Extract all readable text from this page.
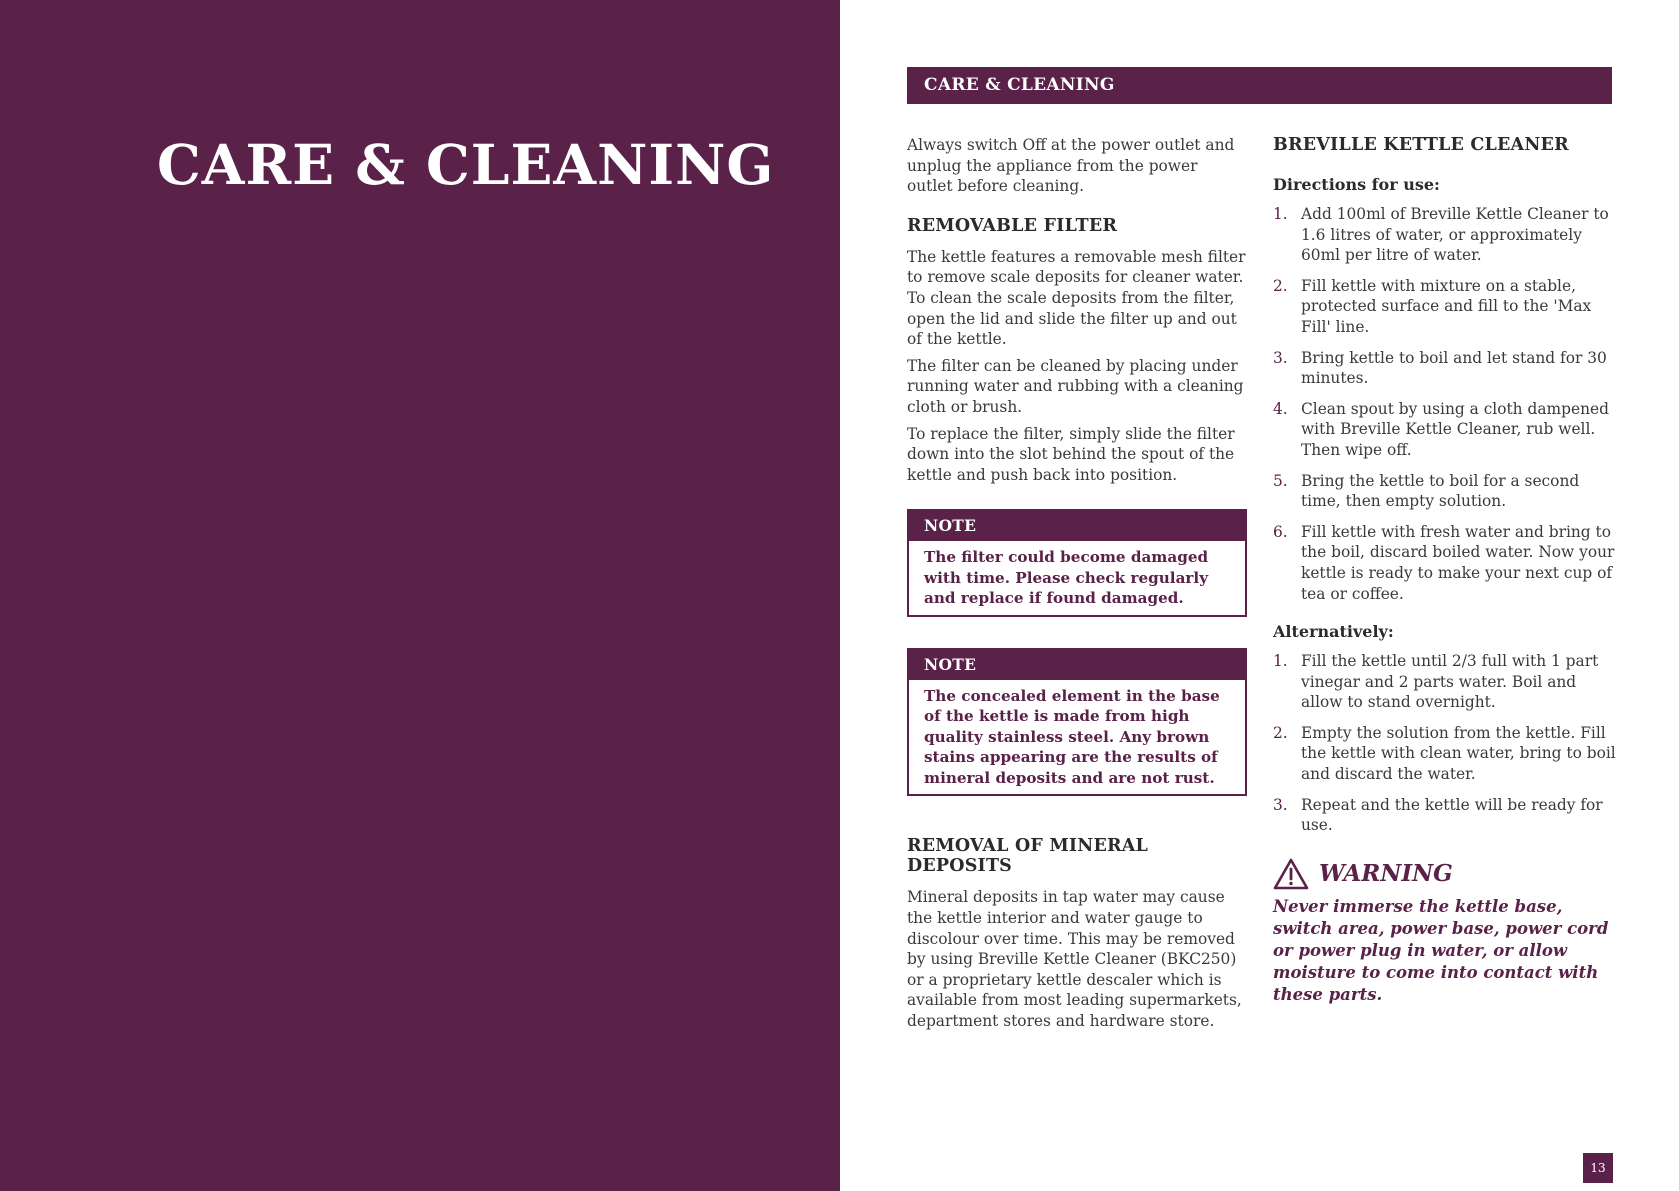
CARE & CLEANING
CARE & CLEANING

Always switch Off at the power outlet and unplug the appliance from the power outlet before cleaning.

REMOVABLE FILTER

The kettle features a removable mesh filter to remove scale deposits for cleaner water. To clean the scale deposits from the filter, open the lid and slide the filter up and out of the kettle.

The filter can be cleaned by placing under running water and rubbing with a cleaning cloth or brush.

To replace the filter, simply slide the filter down into the slot behind the spout of the kettle and push back into position.

NOTE
The filter could become damaged with time. Please check regularly and replace if found damaged.
NOTE
The concealed element in the base of the kettle is made from high quality stainless steel. Any brown stains appearing are the results of mineral deposits and are not rust.
REMOVAL OF MINERAL DEPOSITS

Mineral deposits in tap water may cause the kettle interior and water gauge to discolour over time. This may be removed by using Breville Kettle Cleaner (BKC250) or a proprietary kettle descaler which is available from most leading supermarkets, department stores and hardware store.

BREVILLE KETTLE CLEANER
Directions for use:
1. Add 100ml of Breville Kettle Cleaner to 1.6 litres of water, or approximately 60ml per litre of water.
2. Fill kettle with mixture on a stable, protected surface and fill to the 'Max Fill' line.
3. Bring kettle to boil and let stand for 30 minutes.
4. Clean spout by using a cloth dampened with Breville Kettle Cleaner, rub well. Then wipe off.
5. Bring the kettle to boil for a second time, then empty solution.
6. Fill kettle with fresh water and bring to the boil, discard boiled water. Now your kettle is ready to make your next cup of tea or coffee.
Alternatively:
1. Fill the kettle until 2/3 full with 1 part vinegar and 2 parts water. Boil and allow to stand overnight.
2. Empty the solution from the kettle. Fill the kettle with clean water, bring to boil and discard the water.
3. Repeat and the kettle will be ready for use.
WARNING

Never immerse the kettle base, switch area, power base, power cord or power plug in water, or allow moisture to come into contact with these parts.

13
